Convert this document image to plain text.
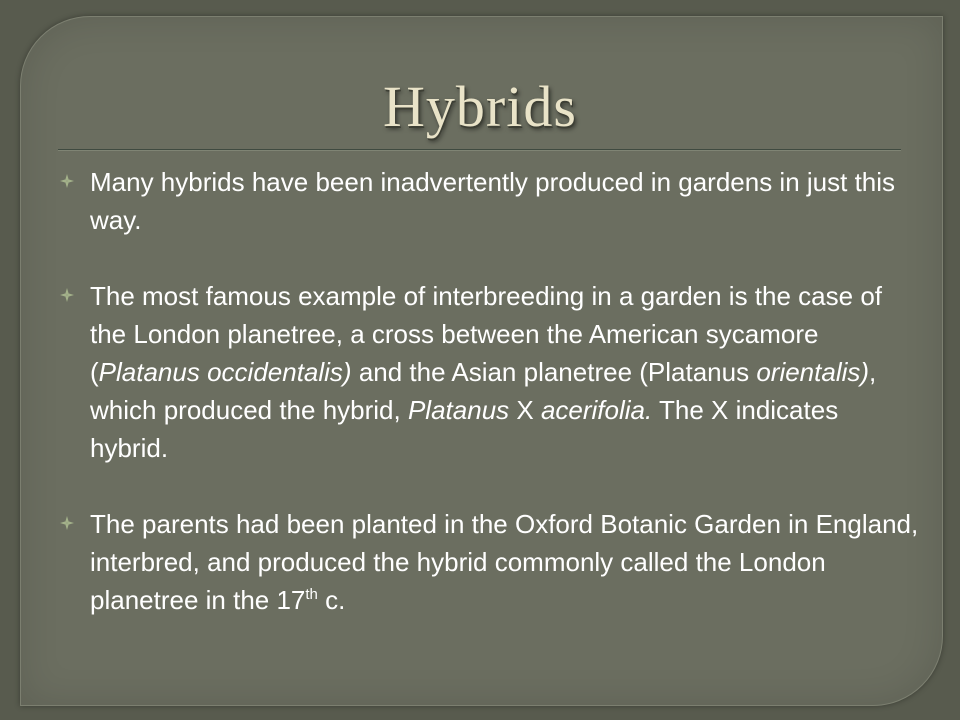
Hybrids
Many hybrids have been inadvertently produced in gardens in just this way.
The most famous example of interbreeding in a garden is the case of the London planetree, a cross between the American sycamore (Platanus occidentalis) and the Asian planetree (Platanus orientalis), which produced the hybrid, Platanus X acerifolia. The X indicates hybrid.
The parents had been planted in the Oxford Botanic Garden in England, interbred, and produced the hybrid commonly called the London planetree in the 17th c.
